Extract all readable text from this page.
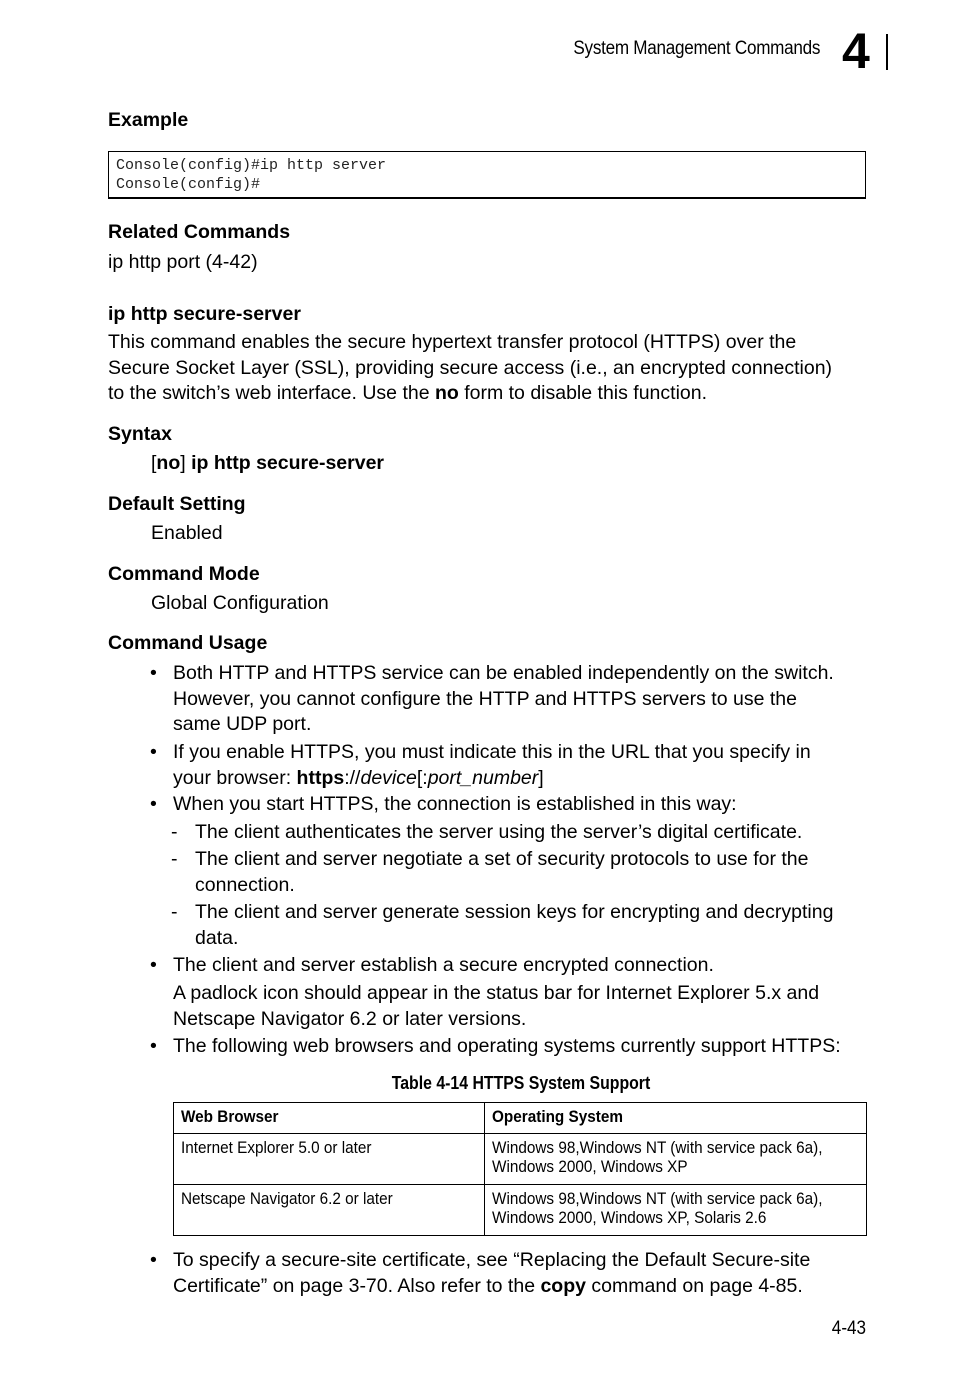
System Management Commands 4
Example
Console(config)#ip http server
Console(config)#
Related Commands
ip http port (4-42)
ip http secure-server
This command enables the secure hypertext transfer protocol (HTTPS) over the
Secure Socket Layer (SSL), providing secure access (i.e., an encrypted connection)
to the switch’s web interface. Use the no form to disable this function.
Syntax
[no] ip http secure-server
Default Setting
Enabled
Command Mode
Global Configuration
Command Usage
• Both HTTP and HTTPS service can be enabled independently on the switch.
However, you cannot configure the HTTP and HTTPS servers to use the
same UDP port.
• If you enable HTTPS, you must indicate this in the URL that you specify in
your browser: https://device[:port_number]
• When you start HTTPS, the connection is established in this way:
- The client authenticates the server using the server’s digital certificate.
- The client and server negotiate a set of security protocols to use for the
connection.
- The client and server generate session keys for encrypting and decrypting
data.
• The client and server establish a secure encrypted connection.
A padlock icon should appear in the status bar for Internet Explorer 5.x and
Netscape Navigator 6.2 or later versions.
• The following web browsers and operating systems currently support HTTPS:
Table 4-14 HTTPS System Support
Web Browser	Operating System
Internet Explorer 5.0 or later	Windows 98,Windows NT (with service pack 6a),
Windows 2000, Windows XP
Netscape Navigator 6.2 or later	Windows 98,Windows NT (with service pack 6a),
Windows 2000, Windows XP, Solaris 2.6
• To specify a secure-site certificate, see “Replacing the Default Secure-site
Certificate” on page 3-70. Also refer to the copy command on page 4-85.
4-43
